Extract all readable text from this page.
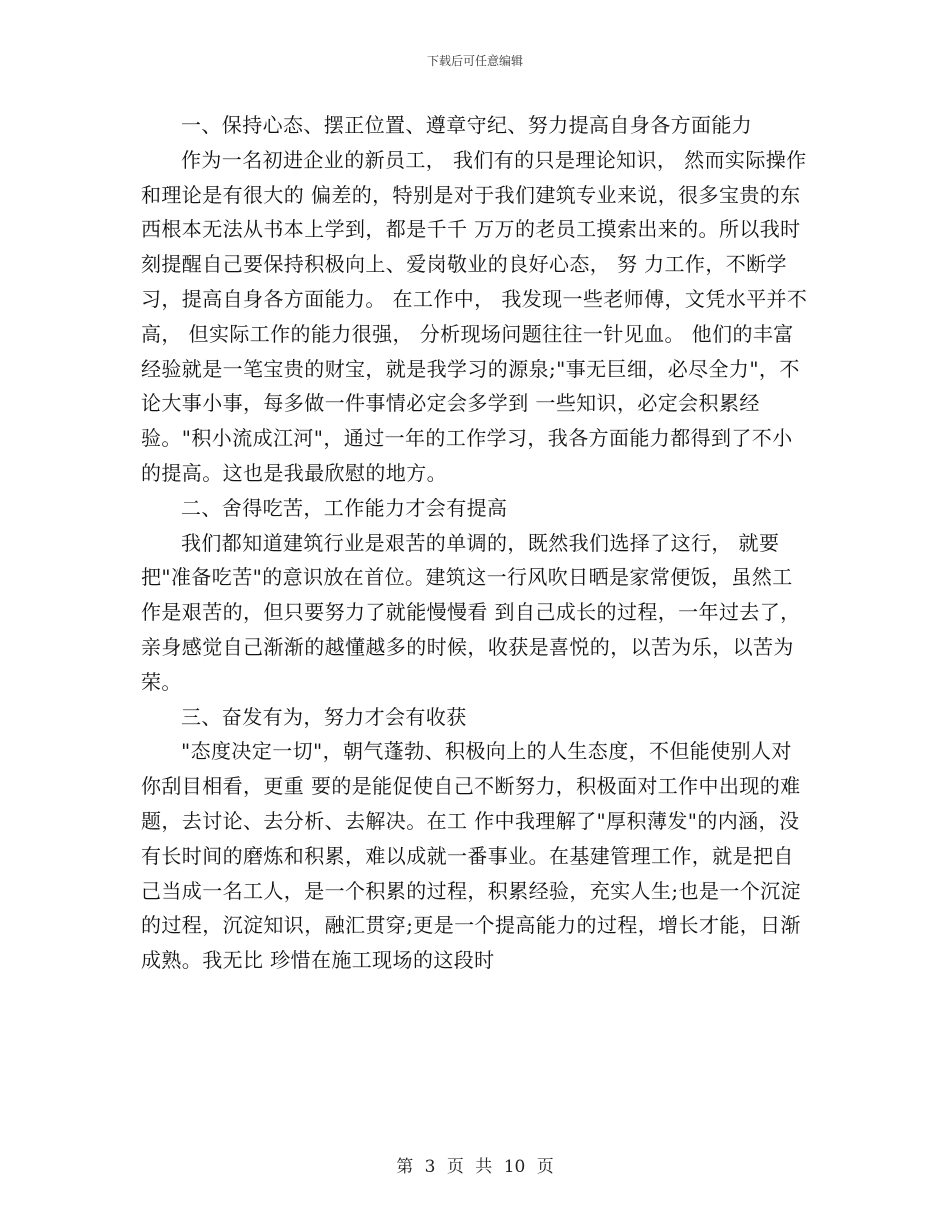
下载后可任意编辑

一、保持心态、摆正位置、遵章守纪、努力提高自身各方面能力

作为一名初进企业的新员工， 我们有的只是理论知识， 然而实际操作和理论是有很大的 偏差的，特别是对于我们建筑专业来说，很多宝贵的东西根本无法从书本上学到，都是千千 万万的老员工摸索出来的。所以我时刻提醒自己要保持积极向上、爱岗敬业的良好心态， 努 力工作，不断学习，提高自身各方面能力。 在工作中， 我发现一些老师傅，文凭水平并不高， 但实际工作的能力很强， 分析现场问题往往一针见血。 他们的丰富经验就是一笔宝贵的财宝，就是我学习的源泉;"事无巨细，必尽全力"，不论大事小事，每多做一件事情必定会多学到 一些知识，必定会积累经验。"积小流成江河"，通过一年的工作学习，我各方面能力都得到了不小的提高。这也是我最欣慰的地方。

二、舍得吃苦，工作能力才会有提高

我们都知道建筑行业是艰苦的单调的，既然我们选择了这行， 就要把"准备吃苦"的意识放在首位。建筑这一行风吹日晒是家常便饭，虽然工作是艰苦的，但只要努力了就能慢慢看 到自己成长的过程，一年过去了，亲身感觉自己渐渐的越懂越多的时候，收获是喜悦的，以苦为乐，以苦为荣。

三、奋发有为，努力才会有收获

"态度决定一切"，朝气蓬勃、积极向上的人生态度，不但能使别人对你刮目相看，更重 要的是能促使自己不断努力，积极面对工作中出现的难题，去讨论、去分析、去解决。在工 作中我理解了"厚积薄发"的内涵，没有长时间的磨炼和积累，难以成就一番事业。在基建管理工作，就是把自己当成一名工人，是一个积累的过程，积累经验，充实人生;也是一个沉淀的过程，沉淀知识，融汇贯穿;更是一个提高能力的过程，增长才能，日渐成熟。我无比 珍惜在施工现场的这段时

第 3 页 共 10 页
